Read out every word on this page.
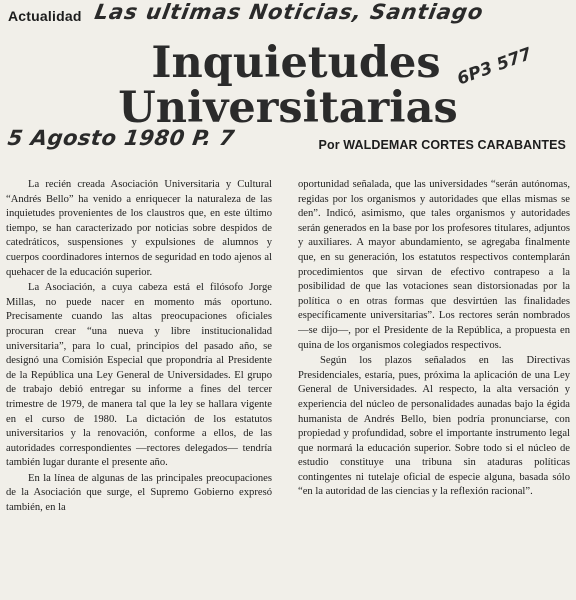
Actualidad Las ultimas Noticias, Santiago
6P3 577
Inquietudes
Universitarias
5 Agosto 1980 P. 7	Por WALDEMAR CORTES CARABANTES

La recién creada Asociación Universitaria y Cultural “Andrés Bello” ha venido a enriquecer la naturaleza de las inquietudes provenientes de los claustros que, en este último tiempo, se han caracterizado por noticias sobre despidos de catedráticos, suspensiones y expulsiones de alumnos y cuerpos coordinadores internos de seguridad en todo ajenos al quehacer de la educación superior.

La Asociación, a cuya cabeza está el filósofo Jorge Millas, no puede nacer en momento más oportuno. Precisamente cuando las altas preocupaciones oficiales procuran crear “una nueva y libre institucionalidad universitaria”, para lo cual, principios del pasado año, se designó una Comisión Especial que propondría al Presidente de la República una Ley General de Universidades. El grupo de trabajo debió entregar su informe a fines del tercer trimestre de 1979, de manera tal que la ley se hallara vigente en el curso de 1980. La dictación de los estatutos universitarios y la renovación, conforme a ellos, de las autoridades correspondientes —rectores delegados— tendría también lugar durante el presente año.

En la línea de algunas de las principales preocupaciones de la Asociación que surge, el Supremo Gobierno expresó también, en la

oportunidad señalada, que las universidades “serán autónomas, regidas por los organismos y autoridades que ellas mismas se den”. Indicó, asimismo, que tales organismos y autoridades serán generados en la base por los profesores titulares, adjuntos y auxiliares. A mayor abundamiento, se agregaba finalmente que, en su generación, los estatutos respectivos contemplarán procedimientos que sirvan de efectivo contrapeso a la posibilidad de que las votaciones sean distorsionadas por la política o en otras formas que desvirtúen las finalidades específicamente universitarias”. Los rectores serán nombrados —se dijo—, por el Presidente de la República, a propuesta en quina de los organismos colegiados respectivos.

Según los plazos señalados en las Directivas Presidenciales, estaría, pues, próxima la aplicación de una Ley General de Universidades. Al respecto, la alta versación y experiencia del núcleo de personalidades aunadas bajo la égida humanista de Andrés Bello, bien podría pronunciarse, con propiedad y profundidad, sobre el importante instrumento legal que normará la educación superior. Sobre todo si el núcleo de estudio constituye una tribuna sin ataduras políticas contingentes ni tutelaje oficial de especie alguna, basada sólo “en la autoridad de las ciencias y la reflexión racional”.
